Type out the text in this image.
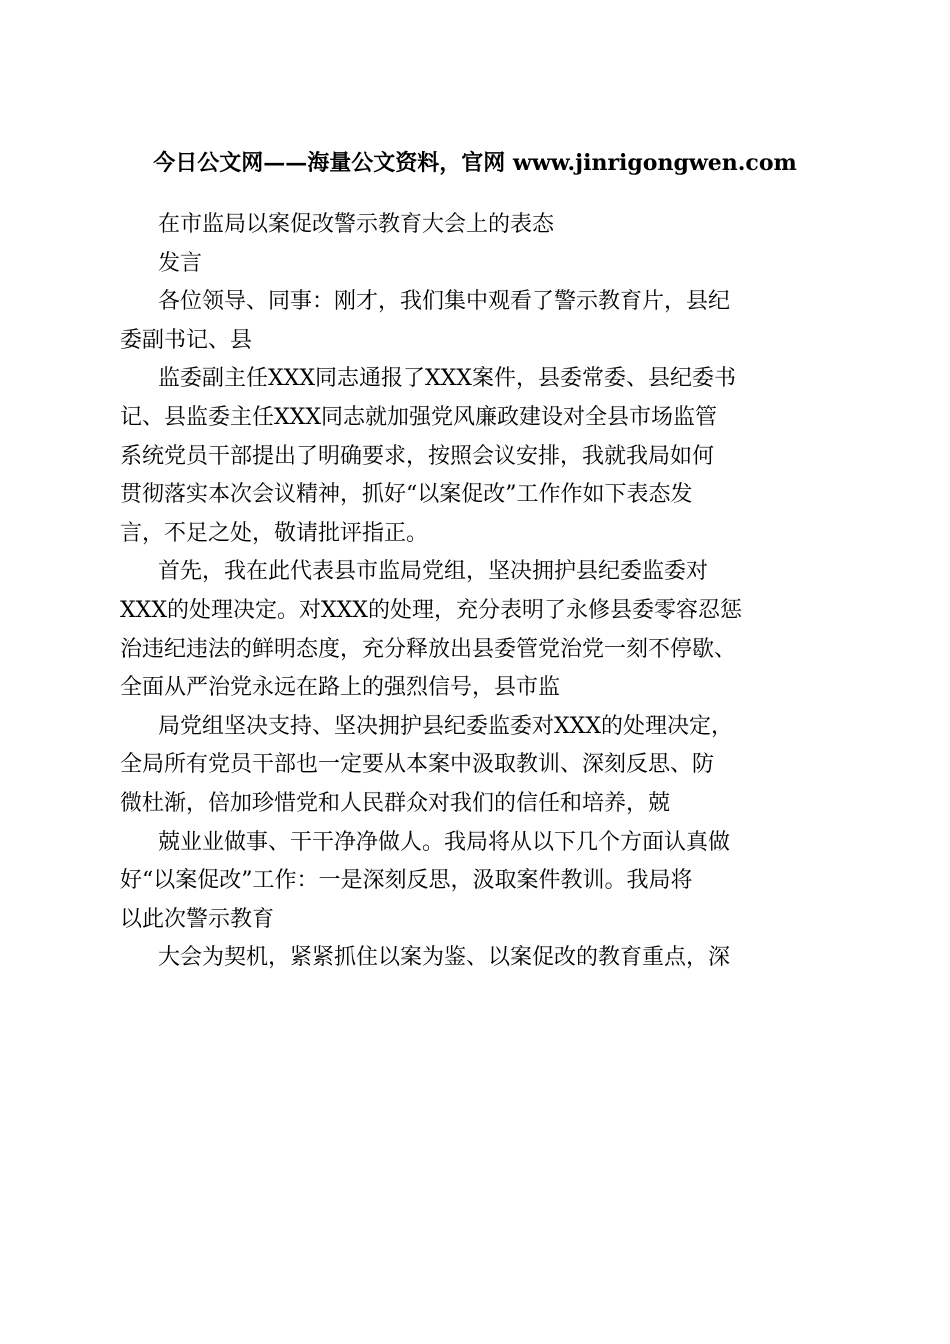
今日公文网——海量公文资料，官网 www.jinrigongwen.com

在市监局以案促改警示教育大会上的表态

发言

各位领导、同事：刚才，我们集中观看了警示教育片，县纪

委副书记、县

监委副主任XXX同志通报了XXX案件，县委常委、县纪委书

记、县监委主任XXX同志就加强党风廉政建设对全县市场监管

系统党员干部提出了明确要求，按照会议安排，我就我局如何

贯彻落实本次会议精神，抓好“以案促改”工作作如下表态发

言，不足之处，敬请批评指正。

首先，我在此代表县市监局党组，坚决拥护县纪委监委对

XXX的处理决定。对XXX的处理，充分表明了永修县委零容忍惩

治违纪违法的鲜明态度，充分释放出县委管党治党一刻不停歇、

全面从严治党永远在路上的强烈信号，县市监

局党组坚决支持、坚决拥护县纪委监委对XXX的处理决定，

全局所有党员干部也一定要从本案中汲取教训、深刻反思、防

微杜渐，倍加珍惜党和人民群众对我们的信任和培养，兢

兢业业做事、干干净净做人。我局将从以下几个方面认真做

好“以案促改”工作：一是深刻反思，汲取案件教训。我局将

以此次警示教育

大会为契机，紧紧抓住以案为鉴、以案促改的教育重点，深
